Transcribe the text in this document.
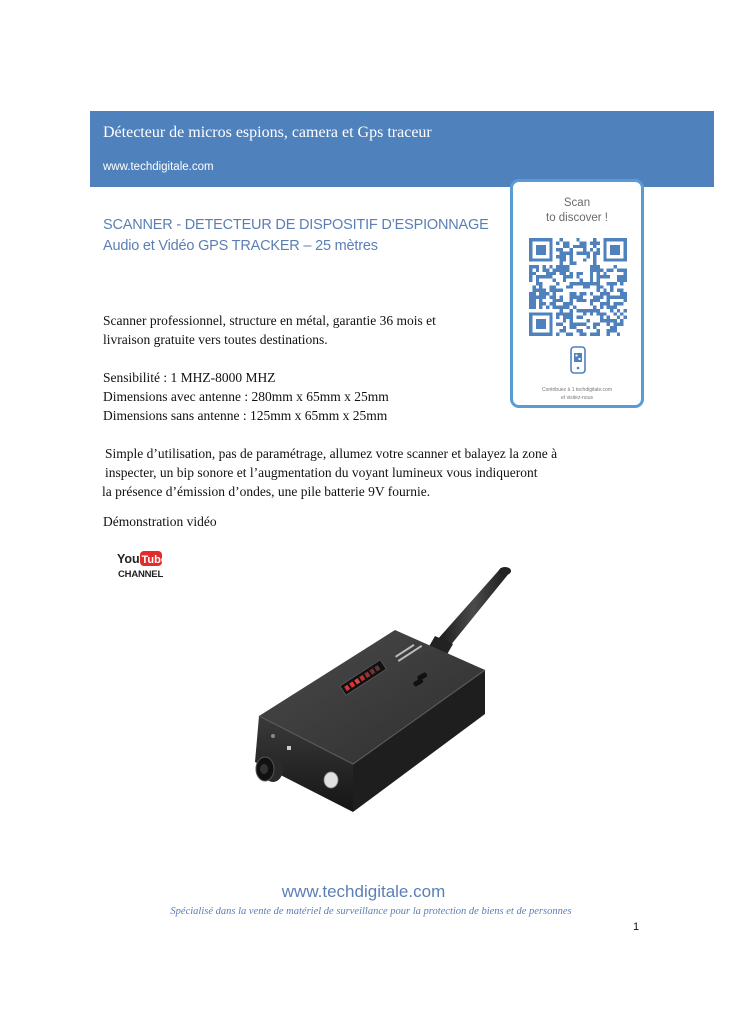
Détecteur de micros espions, camera et Gps traceur
www.techdigitale.com
SCANNER - DETECTEUR DE DISPOSITIF D’ESPIONNAGE
Audio et Vidéo GPS TRACKER – 25 mètres
Scanner professionnel, structure en métal, garantie 36 mois et
livraison gratuite vers toutes destinations.
Sensibilité : 1 MHZ-8000 MHZ
Dimensions avec antenne : 280mm x 65mm x 25mm
Dimensions sans antenne : 125mm x 65mm x 25mm
Simple d’utilisation, pas de paramétrage, allumez votre scanner et balayez la zone à
inspecter, un bip sonore et l’augmentation du voyant lumineux vous indiqueront
la présence d’émission d’ondes, une pile batterie 9V fournie.
Démonstration vidéo
Scan
to discover !
Contribuez à 1 techdigitale.com
et visitez-nous
You Tube
CHANNEL
www.techdigitale.com
Spécialisé dans la vente de matériel de surveillance pour la protection de biens et de personnes
1
